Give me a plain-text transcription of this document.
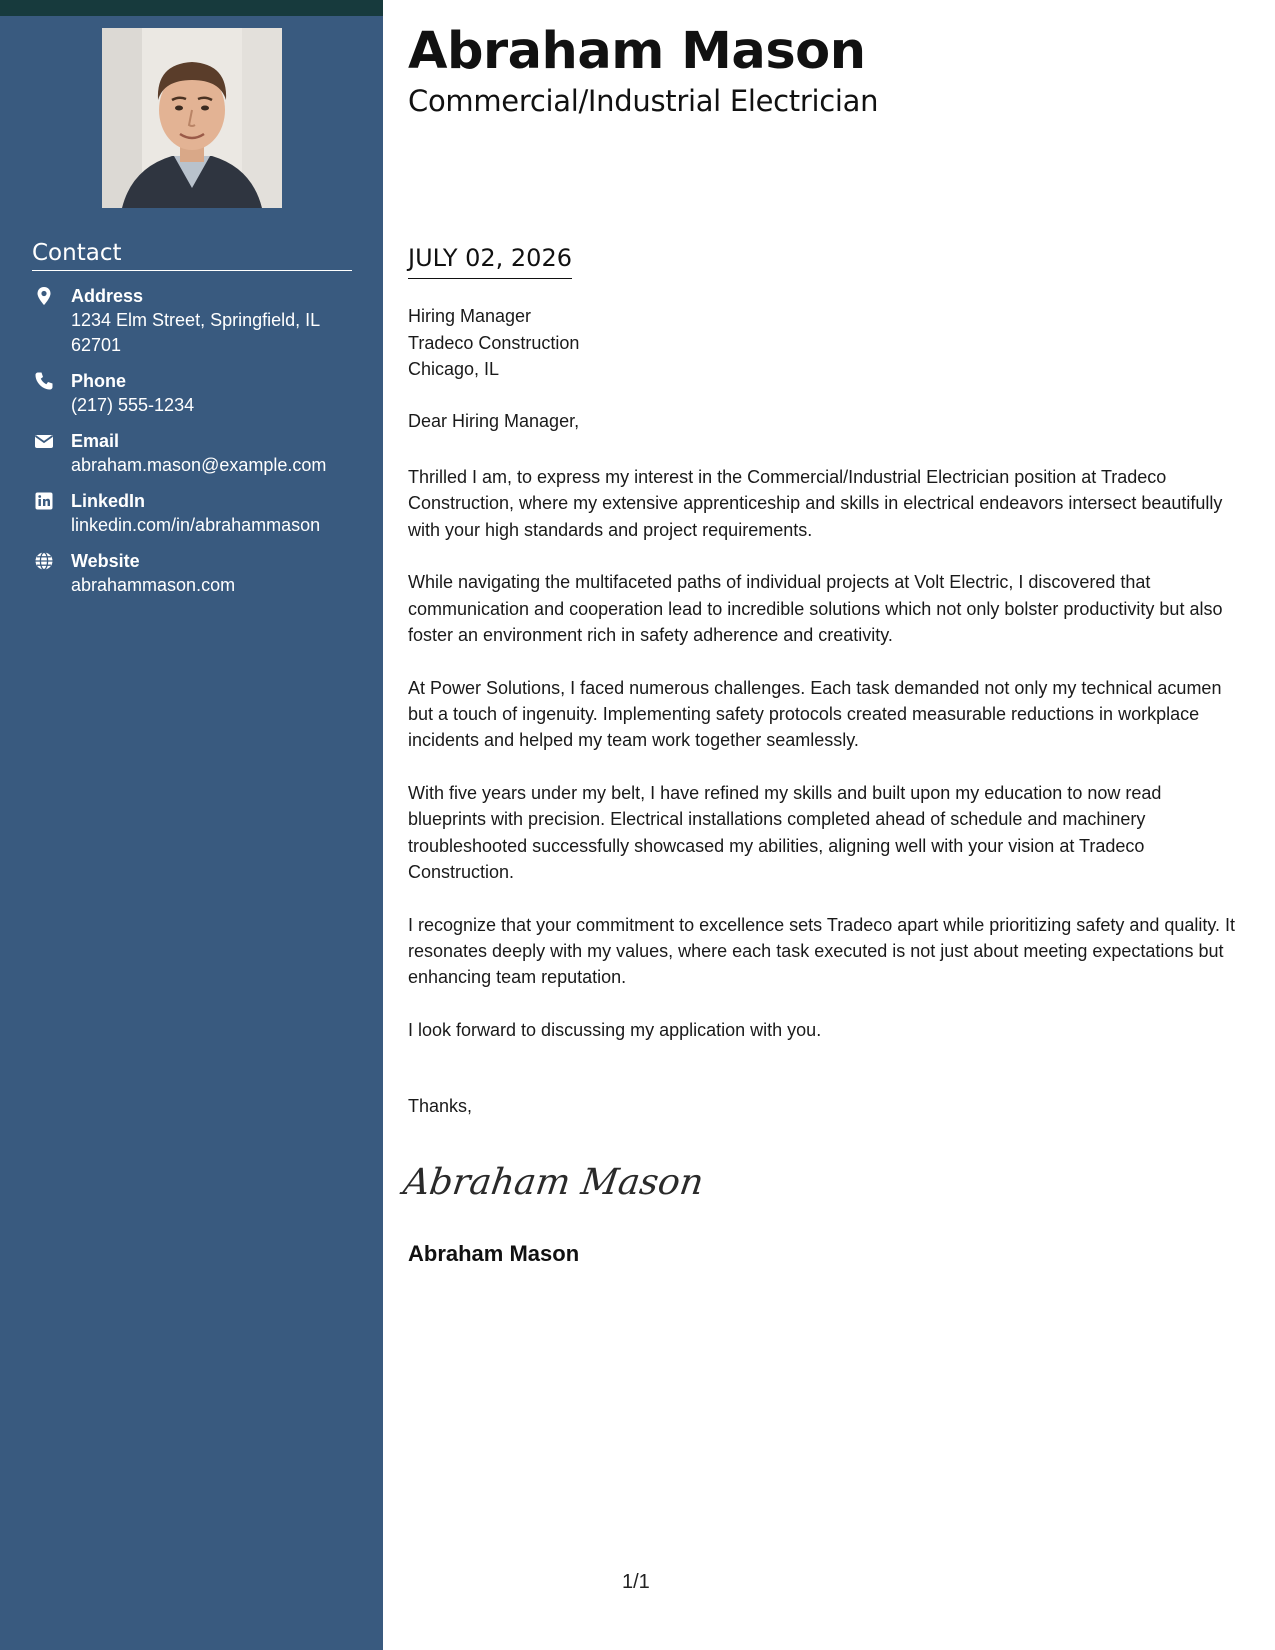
Contact
Address
1234 Elm Street, Springfield, IL 62701
Phone
(217) 555-1234
Email
abraham.mason@example.com
LinkedIn
linkedin.com/in/abrahammason
Website
abrahammason.com
Abraham Mason
Commercial/Industrial Electrician
JULY 02, 2026
Hiring Manager
Tradeco Construction
Chicago, IL
Dear Hiring Manager,

Thrilled I am, to express my interest in the Commercial/Industrial Electrician position at Tradeco Construction, where my extensive apprenticeship and skills in electrical endeavors intersect beautifully with your high standards and project requirements.

While navigating the multifaceted paths of individual projects at Volt Electric, I discovered that communication and cooperation lead to incredible solutions which not only bolster productivity but also foster an environment rich in safety adherence and creativity.

At Power Solutions, I faced numerous challenges. Each task demanded not only my technical acumen but a touch of ingenuity. Implementing safety protocols created measurable reductions in workplace incidents and helped my team work together seamlessly.

With five years under my belt, I have refined my skills and built upon my education to now read blueprints with precision. Electrical installations completed ahead of schedule and machinery troubleshooted successfully showcased my abilities, aligning well with your vision at Tradeco Construction.

I recognize that your commitment to excellence sets Tradeco apart while prioritizing safety and quality. It resonates deeply with my values, where each task executed is not just about meeting expectations but enhancing team reputation.

I look forward to discussing my application with you.

Thanks,
Abraham Mason
Abraham Mason
1/1
